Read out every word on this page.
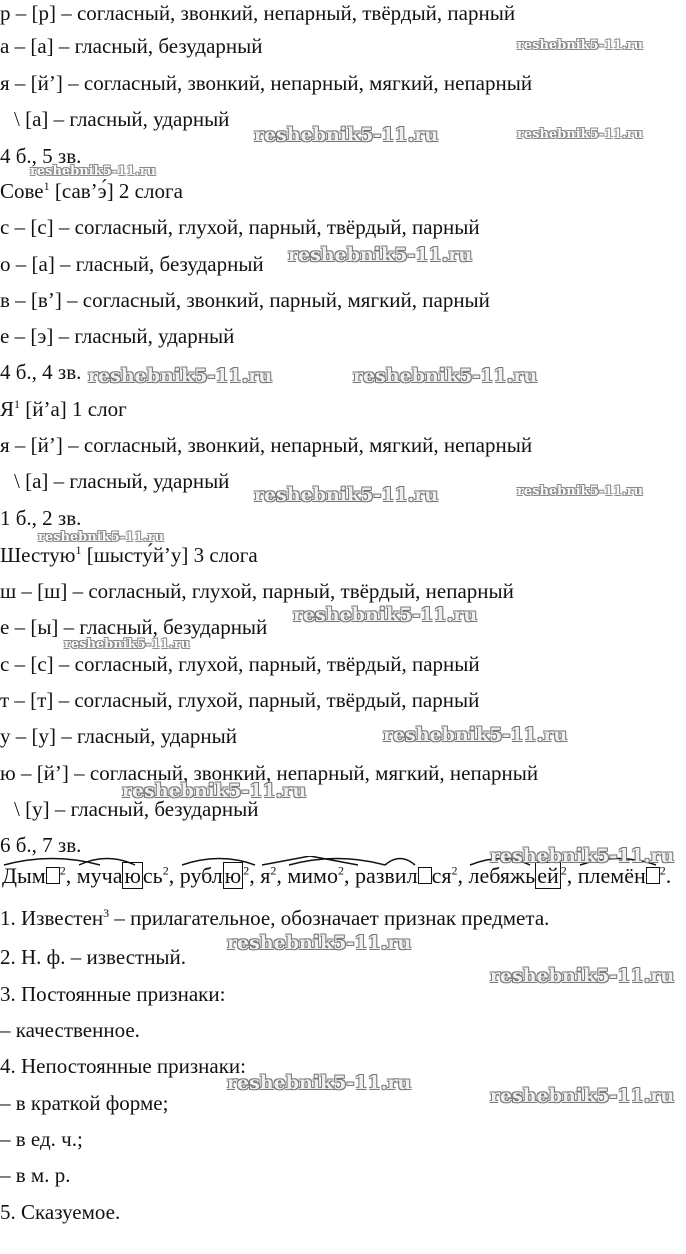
р – [р] – согласный, звонкий, непарный, твёрдый, парный
а – [а] – гласный, безударный
я – [й’] – согласный, звонкий, непарный, мягкий, непарный
\ [а] – гласный, ударный
4 б., 5 зв.
Сове$^1$ [сав’э́] 2 слога
с – [с] – согласный, глухой, парный, твёрдый, парный
о – [а] – гласный, безударный
в – [в’] – согласный, звонкий, парный, мягкий, парный
е – [э] – гласный, ударный
4 б., 4 зв.
$Я^1$ [й’а] 1 слог
я – [й’] – согласный, звонкий, непарный, мягкий, непарный
\ [а] – гласный, ударный
1 б., 2 зв.
Шестую$^1$ [шысту́й’у] 3 слога
ш – [ш] – согласный, глухой, парный, твёрдый, непарный
е – [ы] – гласный, безударный
с – [с] – согласный, глухой, парный, твёрдый, парный
т – [т] – согласный, глухой, парный, твёрдый, парный
у – [у] – гласный, ударный
ю – [й’] – согласный, звонкий, непарный, мягкий, непарный
\ [у] – гласный, безударный
6 б., 7 зв.
Дым $^2$, мучаюсь
$^2$, рублю $^2$, я
$^2$, мимо
$^2$, развил ся
$^2$, лебяжьей $^2$, племён $^2$.
1. Известен$^3$ – прилагательное, обозначает признак предмета.
2. Н. ф. – известный.
3. Постоянные признаки:
– качественное.
4. Непостоянные признаки:
– в краткой форме;
– в ед. ч.;
– в м. р.
5. Сказуемое.
reshebnik5-11.ru
reshebnik5-11.ru	reshebnik5-11.ru
reshebnik5-11.ru
reshebnik5-11.ru
reshebnik5-11.ru	reshebnik5-11.ru
reshebnik5-11.ru	reshebnik5-11.ru
reshebnik5-11.ru
reshebnik5-11.ru
reshebnik5-11.ru
reshebnik5-11.ru
reshebnik5-11.ru
reshebnik5-11.ru
reshebnik5-11.ru
reshebnik5-11.ru
reshebnik5-11.ru
reshebnik5-11.ru
